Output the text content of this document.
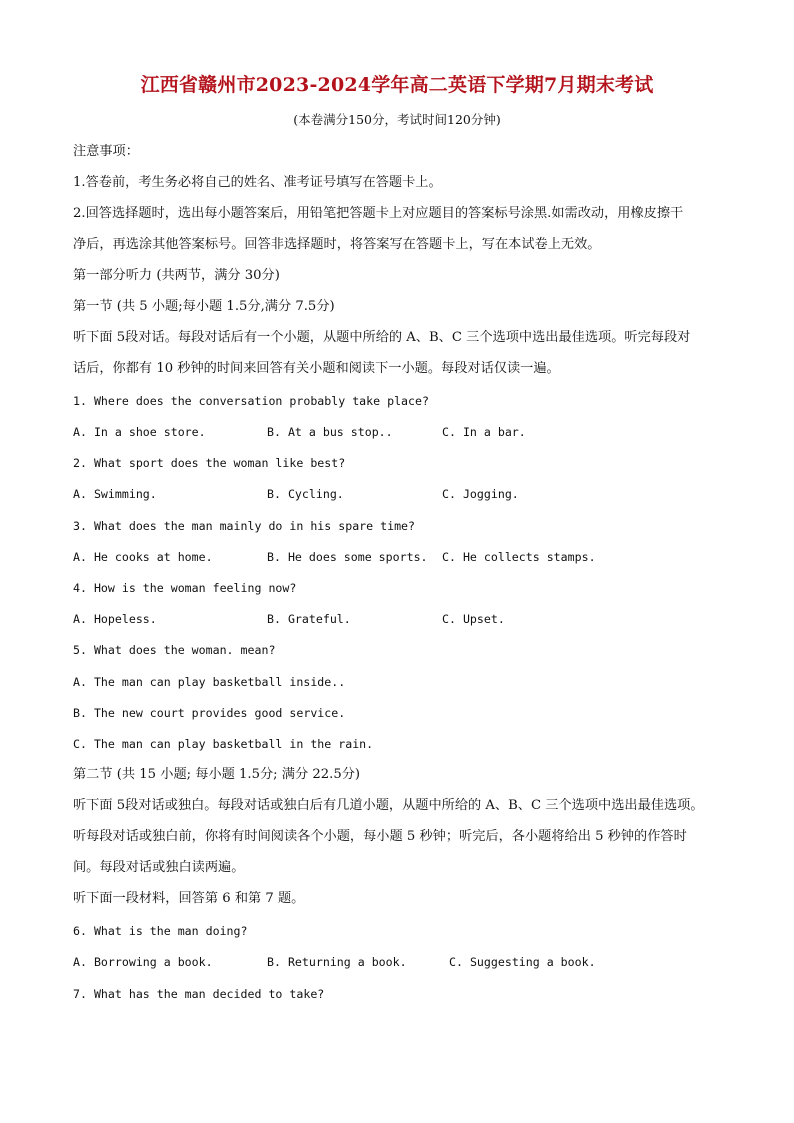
江西省赣州市2023-2024学年高二英语下学期7月期末考试
(本卷满分150分，考试时间120分钟)
注意事项：
1.答卷前，考生务必将自己的姓名、准考证号填写在答题卡上。
2.回答选择题时，选出每小题答案后，用铅笔把答题卡上对应题目的答案标号涂黑.如需改动，用橡皮擦干
净后，再选涂其他答案标号。回答非选择题时，将答案写在答题卡上，写在本试卷上无效。
第一部分听力 (共两节，满分 30分)
第一节 (共 5 小题;每小题 1.5分,满分 7.5分)
听下面 5段对话。每段对话后有一个小题，从题中所给的 A、B、C 三个选项中选出最佳选项。听完每段对
话后，你都有 10 秒钟的时间来回答有关小题和阅读下一小题。每段对话仅读一遍。
1. Where does the conversation probably take place?
A. In a shoe store.	B. At a bus stop..	C. In a bar.
2. What sport does the woman like best?
A. Swimming.	B. Cycling.	C. Jogging.
3. What does the man mainly do in his spare time?
A. He cooks at home.	B. He does some sports. C. He collects stamps.
4. How is the woman feeling now?
A. Hopeless.	B. Grateful.	C. Upset.
5. What does the woman. mean?
A. The man can play basketball inside..
B. The new court provides good service.
C. The man can play basketball in the rain.
第二节 (共 15 小题; 每小题 1.5分; 满分 22.5分)
听下面 5段对话或独白。每段对话或独白后有几道小题，从题中所给的 A、B、C 三个选项中选出最佳选项。
听每段对话或独白前，你将有时间阅读各个小题，每小题 5 秒钟；听完后，各小题将给出 5 秒钟的作答时
间。每段对话或独白读两遍。
听下面一段材料，回答第 6 和第 7 题。
6. What is the man doing?
A. Borrowing a book.	B. Returning a book.	C. Suggesting a book.
7. What has the man decided to take?
